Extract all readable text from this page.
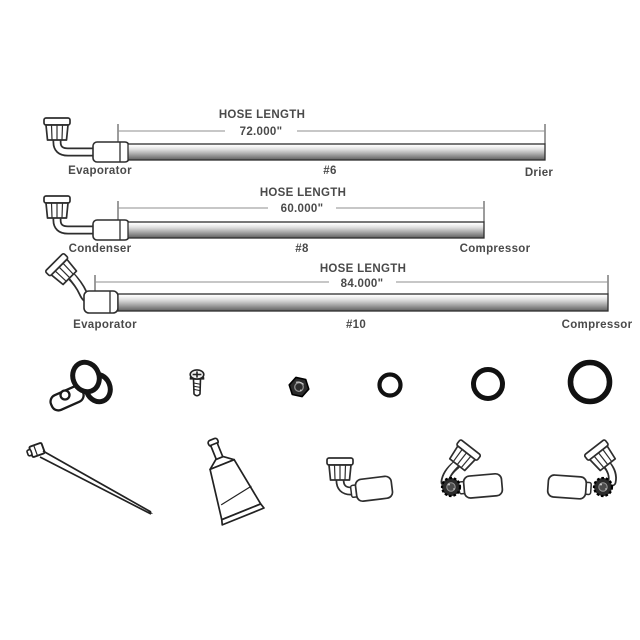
HOSE LENGTH
72.000"
Evaporator	#6	Drier
HOSE LENGTH
60.000"
Condenser	#8	Compressor
HOSE LENGTH
84.000"
Evaporator	#10	Compressor
